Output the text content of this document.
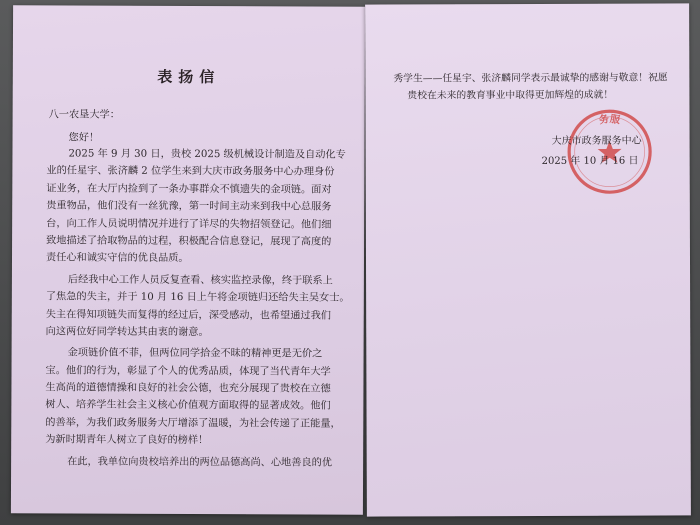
表扬信
八一农垦大学：
您好！
2025 年 9 月 30 日，贵校 2025 级机械设计制造及自动化专
业的任星宇、张济麟 2 位学生来到大庆市政务服务中心办理身份
证业务，在大厅内捡到了一条办事群众不慎遗失的金项链。面对
贵重物品，他们没有一丝犹豫，第一时间主动来到我中心总服务
台，向工作人员说明情况并进行了详尽的失物招领登记。他们细
致地描述了拾取物品的过程，积极配合信息登记，展现了高度的
责任心和诚实守信的优良品质。
后经我中心工作人员反复查看、核实监控录像，终于联系上
了焦急的失主，并于 10 月 16 日上午将金项链归还给失主吴女士。
失主在得知项链失而复得的经过后，深受感动，也希望通过我们
向这两位好同学转达其由衷的谢意。
金项链价值不菲，但两位同学拾金不昧的精神更是无价之
宝。他们的行为，彰显了个人的优秀品质，体现了当代青年大学
生高尚的道德情操和良好的社会公德，也充分展现了贵校在立德
树人、培养学生社会主义核心价值观方面取得的显著成效。他们
的善举，为我们政务服务大厅增添了温暖，为社会传递了正能量，
为新时期青年人树立了良好的榜样！
在此，我单位向贵校培养出的两位品德高尚、心地善良的优
秀学生——任星宇、张济麟同学表示最诚挚的感谢与敬意！祝愿
贵校在未来的教育事业中取得更加辉煌的成就！
务服
大庆市政务服务中心
2025 年 10 月 16 日
